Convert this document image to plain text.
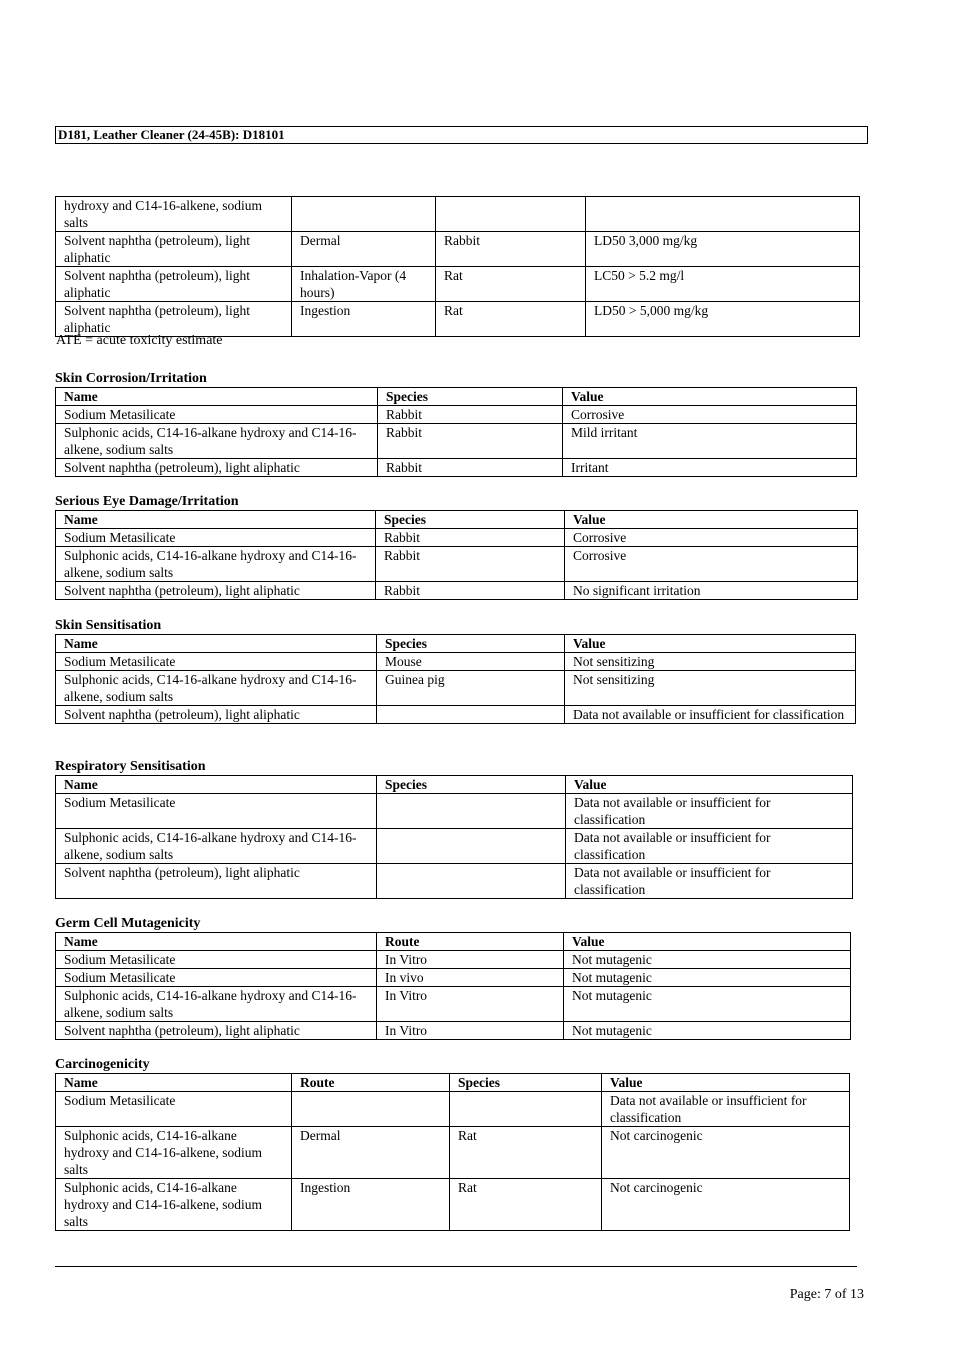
D181, Leather Cleaner (24-45B): D18101
hydroxy and C14-16-alkene, sodium salts			
Solvent naphtha (petroleum), light aliphatic	Dermal	Rabbit	LD50 3,000 mg/kg
Solvent naphtha (petroleum), light aliphatic	Inhalation-Vapor (4 hours)	Rat	LC50 > 5.2 mg/l
Solvent naphtha (petroleum), light aliphatic	Ingestion	Rat	LD50 > 5,000 mg/kg
ATE = acute toxicity estimate
Skin Corrosion/Irritation
Name	Species	Value
Sodium Metasilicate	Rabbit	Corrosive
Sulphonic acids, C14-16-alkane hydroxy and C14-16-alkene, sodium salts	Rabbit	Mild irritant
Solvent naphtha (petroleum), light aliphatic	Rabbit	Irritant
Serious Eye Damage/Irritation
Name	Species	Value
Sodium Metasilicate	Rabbit	Corrosive
Sulphonic acids, C14-16-alkane hydroxy and C14-16-alkene, sodium salts	Rabbit	Corrosive
Solvent naphtha (petroleum), light aliphatic	Rabbit	No significant irritation
Skin Sensitisation
Name	Species	Value
Sodium Metasilicate	Mouse	Not sensitizing
Sulphonic acids, C14-16-alkane hydroxy and C14-16-alkene, sodium salts	Guinea pig	Not sensitizing
Solvent naphtha (petroleum), light aliphatic		Data not available or insufficient for classification
Respiratory Sensitisation
Name	Species	Value
Sodium Metasilicate		Data not available or insufficient for classification
Sulphonic acids, C14-16-alkane hydroxy and C14-16-alkene, sodium salts		Data not available or insufficient for classification
Solvent naphtha (petroleum), light aliphatic		Data not available or insufficient for classification
Germ Cell Mutagenicity
Name	Route	Value
Sodium Metasilicate	In Vitro	Not mutagenic
Sodium Metasilicate	In vivo	Not mutagenic
Sulphonic acids, C14-16-alkane hydroxy and C14-16-alkene, sodium salts	In Vitro	Not mutagenic
Solvent naphtha (petroleum), light aliphatic	In Vitro	Not mutagenic
Carcinogenicity
Name	Route	Species	Value
Sodium Metasilicate			Data not available or insufficient for classification
Sulphonic acids, C14-16-alkane hydroxy and C14-16-alkene, sodium salts	Dermal	Rat	Not carcinogenic
Sulphonic acids, C14-16-alkane hydroxy and C14-16-alkene, sodium salts	Ingestion	Rat	Not carcinogenic
Page: 7 of 13
